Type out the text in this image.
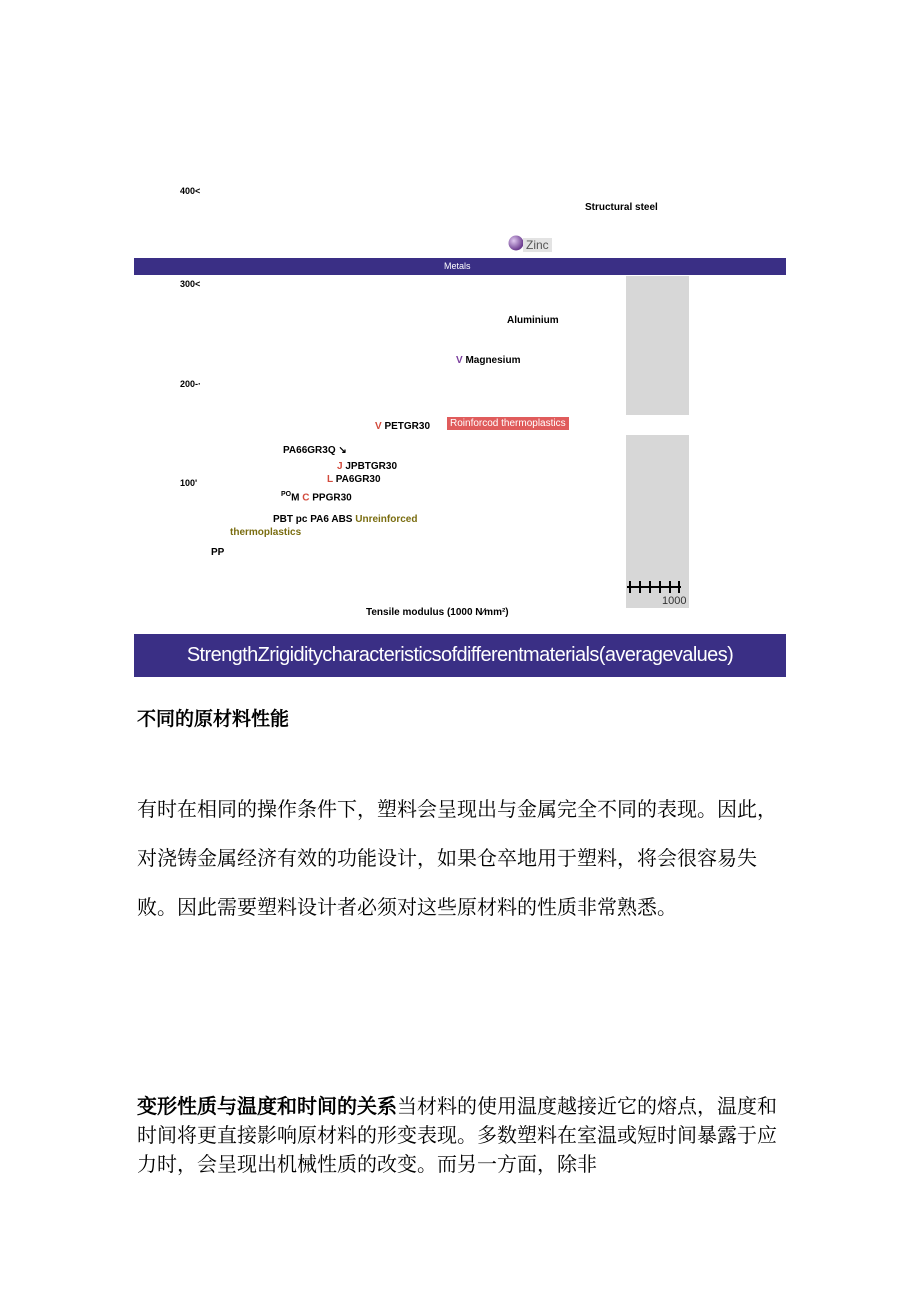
400<
300<
200-·
100'
Metals
1000
Structural steel
Zinc
Aluminium
V Magnesium
V PETGR30	Roinforcod thermoplastics
PA66GR3Q ↘
J JPBTGR30
L PA6GR30
$^{PO}$M C PPGR30
PBT pc PA6 ABS Unreinforced
thermoplastics
PP
Tensile modulus (1000 N⁄mm²)
StrengthZrigiditycharacteristicsofdifferentmaterials(averagevalues)
不同的原材料性能
有时在相同的操作条件下，塑料会呈现出与金属完全不同的表现。因此，对浇铸金属经济有效的功能设计，如果仓卒地用于塑料，将会很容易失败。因此需要塑料设计者必须对这些原材料的性质非常熟悉。
变形性质与温度和时间的关系当材料的使用温度越接近它的熔点，温度和时间将更直接影响原材料的形变表现。多数塑料在室温或短时间暴露于应力时，会呈现出机械性质的改变。而另一方面，除非
